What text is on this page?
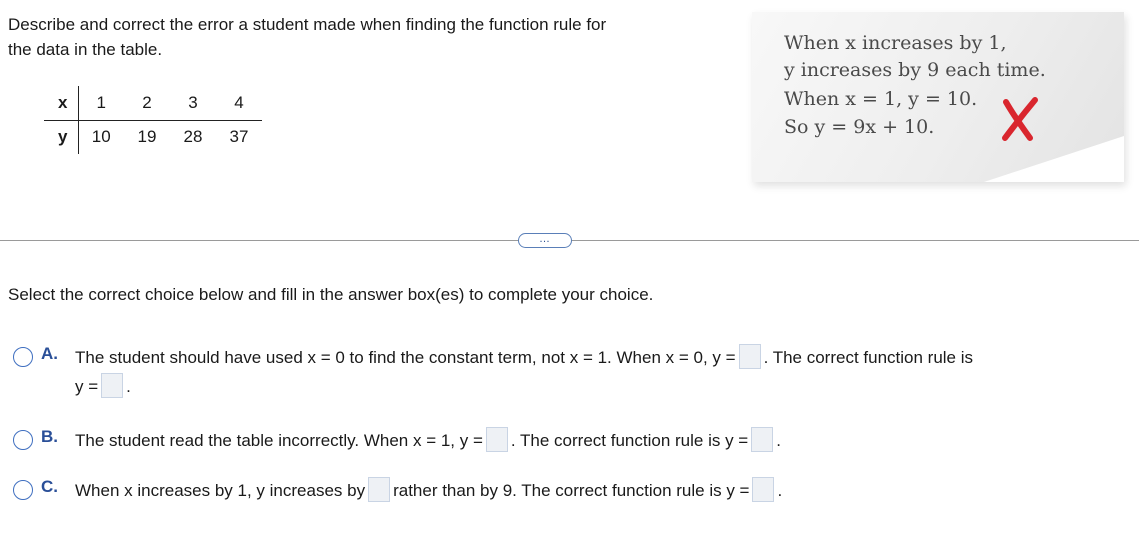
Describe and correct the error a student made when finding the function rule for
the data in the table.
x	1	2	3	4
y	10	19	28	37
When x increases by 1,
y increases by 9 each time.
When x = 1, y = 10.
So y = 9x + 10.
…
Select the correct choice below and fill in the answer box(es) to complete your choice.
A. The student should have used x = 0 to find the constant term, not x = 1. When x = 0, y = . The correct function rule is
y = .
B. The student read the table incorrectly. When x = 1, y = . The correct function rule is y = .
C. When x increases by 1, y increases by rather than by 9. The correct function rule is y = .
